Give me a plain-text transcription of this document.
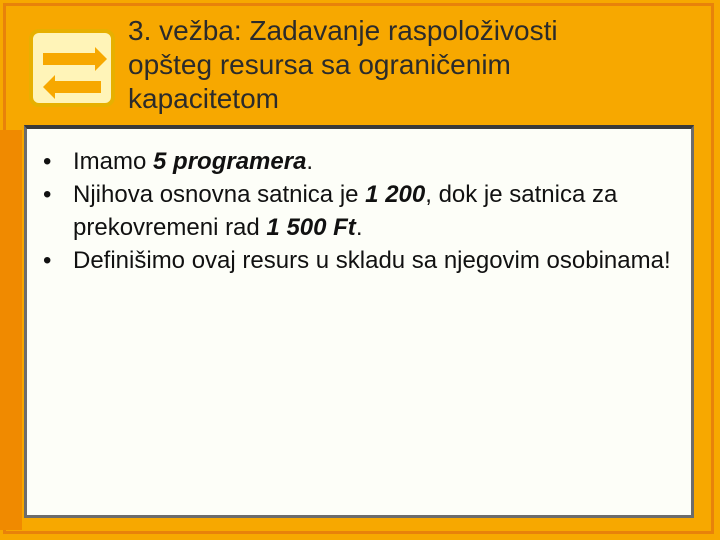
3. vežba: Zadavanje raspoloživosti
opšteg resursa sa ograničenim
kapacitetom
• Imamo 5 programera.
• Njihova osnovna satnica je 1 200, dok je satnica za prekovremeni rad 1 500 Ft.
• Definišimo ovaj resurs u skladu sa njegovim osobinama!
